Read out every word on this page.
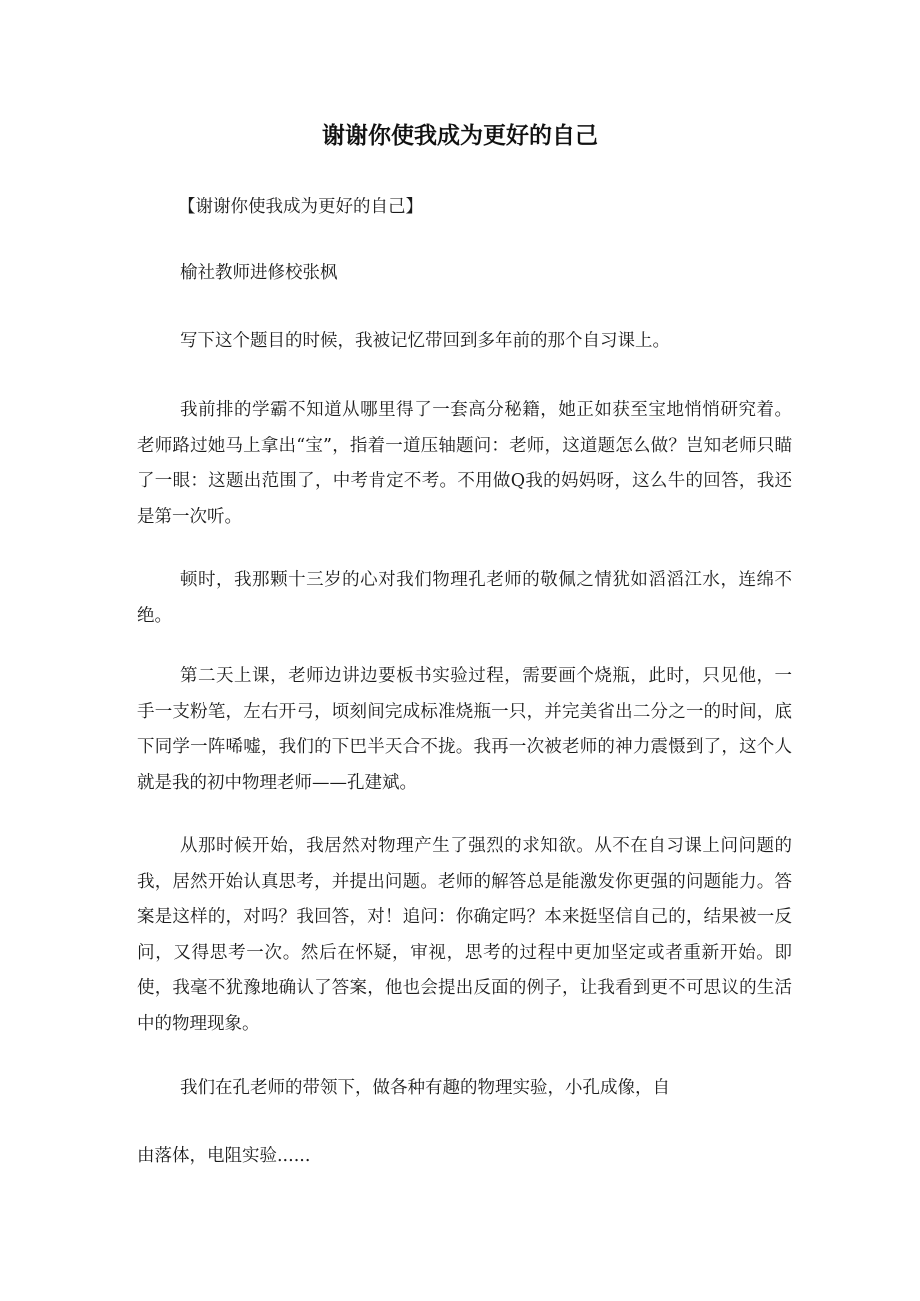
谢谢你使我成为更好的自己
【谢谢你使我成为更好的自己】
榆社教师进修校张枫
写下这个题目的时候，我被记忆带回到多年前的那个自习课上。
我前排的学霸不知道从哪里得了一套高分秘籍，她正如获至宝地悄悄研究着。老师路过她马上拿出“宝”，指着一道压轴题问：老师，这道题怎么做？岂知老师只瞄了一眼：这题出范围了，中考肯定不考。不用做Q我的妈妈呀，这么牛的回答，我还是第一次听。
顿时，我那颗十三岁的心对我们物理孔老师的敬佩之情犹如滔滔江水，连绵不绝。
第二天上课，老师边讲边要板书实验过程，需要画个烧瓶，此时，只见他，一手一支粉笔，左右开弓，顷刻间完成标准烧瓶一只，并完美省出二分之一的时间，底下同学一阵唏嘘，我们的下巴半天合不拢。我再一次被老师的神力震慑到了，这个人就是我的初中物理老师——孔建斌。
从那时候开始，我居然对物理产生了强烈的求知欲。从不在自习课上问问题的我，居然开始认真思考，并提出问题。老师的解答总是能激发你更强的问题能力。答案是这样的，对吗？我回答，对！追问：你确定吗？本来挺坚信自己的，结果被一反问，又得思考一次。然后在怀疑，审视，思考的过程中更加坚定或者重新开始。即使，我毫不犹豫地确认了答案，他也会提出反面的例子，让我看到更不可思议的生活中的物理现象。
我们在孔老师的带领下，做各种有趣的物理实验，小孔成像，自
由落体，电阻实验......
